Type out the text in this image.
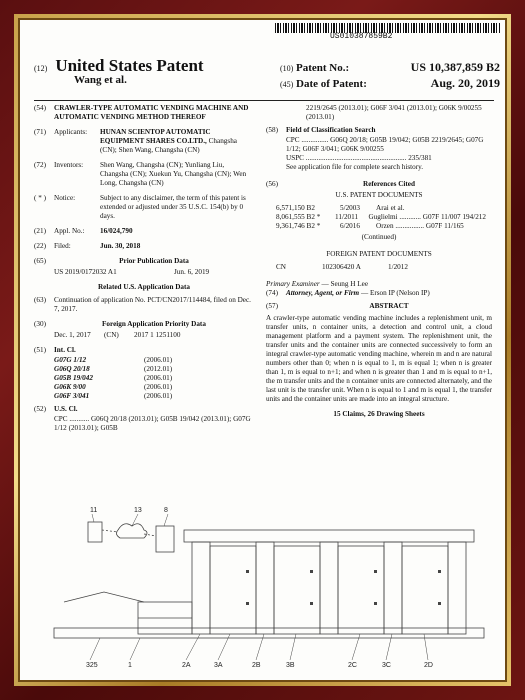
US010387859B2
(12) United States Patent
Wang et al.
(10) Patent No.:	US 10,387,859 B2
(45) Date of Patent:	Aug. 20, 2019
(54)	CRAWLER-TYPE AUTOMATIC VENDING MACHINE AND AUTOMATIC VENDING METHOD THEREOF
(71)	Applicants:	HUNAN SCIENTOP AUTOMATIC EQUIPMENT SHARES CO.LTD., Changsha (CN); Shen Wang, Changsha (CN)
(72)	Inventors:	Shen Wang, Changsha (CN); Yunliang Liu, Changsha (CN); Xuekun Yu, Changsha (CN); Wen Long, Changsha (CN)
( * )	Notice:	Subject to any disclaimer, the term of this patent is extended or adjusted under 35 U.S.C. 154(b) by 0 days.
(21)	Appl. No.:	16/024,790
(22)	Filed:	Jun. 30, 2018
(65)	Prior Publication Data
US 2019/0172032 A1	Jun. 6, 2019
Related U.S. Application Data
(63)	Continuation of application No. PCT/CN2017/114484, filed on Dec. 7, 2017.
(30)	Foreign Application Priority Data
Dec. 1, 2017	(CN)	2017 1 1251100
(51)	Int. Cl.
G07G 1/12	(2006.01)
G06Q 20/18	(2012.01)
G05B 19/042	(2006.01)
G06K 9/00	(2006.01)
G06F 3/041	(2006.01)
(52)	U.S. Cl.
CPC ........... G06Q 20/18 (2013.01); G05B 19/042 (2013.01); G07G 1/12 (2013.01); G05B
2219/2645 (2013.01); G06F 3/041 (2013.01); G06K 9/00255 (2013.01)
(58)	Field of Classification Search
CPC ............... G06Q 20/18; G05B 19/042; G05B 2219/2645; G07G 1/12; G06F 3/041; G06K 9/00255
USPC ........................................................ 235/381
See application file for complete search history.
(56)	References Cited
U.S. PATENT DOCUMENTS
6,571,150 B2	5/2003	Arai et al.
8,061,555 B2 *	11/2011	Guglielmi ............ G07F 11/007 194/212
9,361,746 B2 *	6/2016	Orzen ................ G07F 11/165
(Continued)
FOREIGN PATENT DOCUMENTS
CN	102306420 A	1/2012
Primary Examiner — Seung H Lee
(74)	Attorney, Agent, or Firm — Erson IP (Nelson IP)
(57)	ABSTRACT
A crawler-type automatic vending machine includes a replenishment unit, m transfer units, n container units, a detection and control unit, a cloud management platform and a payment system. The replenishment unit, the transfer units and the container units are connected successively to form an integral crawler-type automatic vending machine, wherein m and n are natural numbers other than 0; when n is equal to 1, m is equal 1; when n is greater than 1, m is equal to n+1; and when n is greater than 1 and m is equal to n+1, the m transfer units and the n container units are connected alternately, and the last unit is the transfer unit. When n is equal to 1 and m is equal 1, the transfer units and the container units are made into an integral structure.
15 Claims, 26 Drawing Sheets
11	13	8
325	1	2A	3A	2B	3B	2C	3C	2D
